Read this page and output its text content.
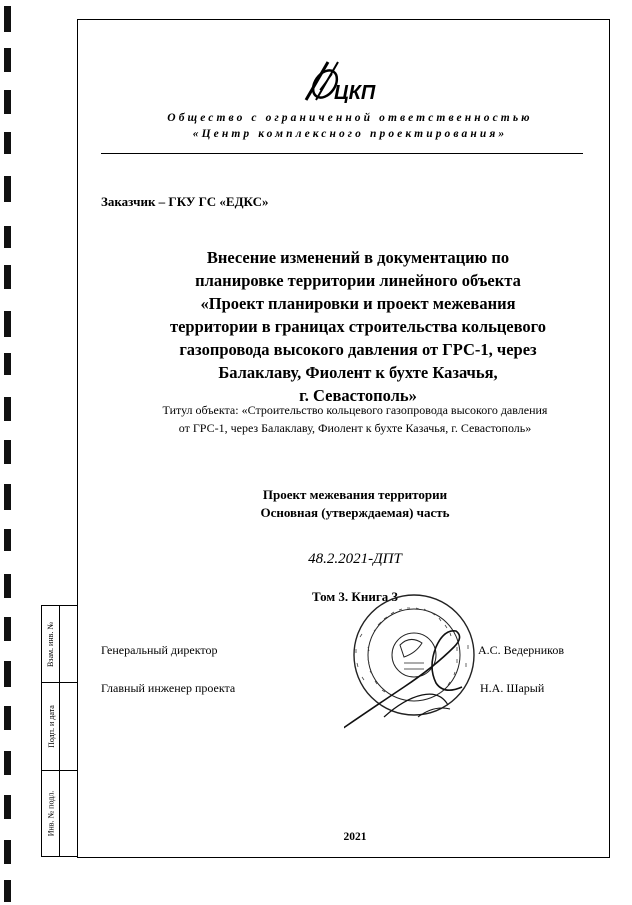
Взам. инв. №
Подп. и дата
Инв. № подл.
ЦКП
Общество с ограниченной ответственностью
«Центр комплексного проектирования»
Заказчик – ГКУ ГС «ЕДКС»
Внесение изменений в документацию по
планировке территории линейного объекта
«Проект планировки и проект межевания
территории в границах строительства кольцевого
газопровода высокого давления от ГРС-1, через
Балаклаву, Фиолент к бухте Казачья,
г. Севастополь»
Титул объекта: «Строительство кольцевого газопровода высокого давления
от ГРС-1, через Балаклаву, Фиолент к бухте Казачья, г. Севастополь»
Проект межевания территории
Основная (утверждаемая) часть
48.2.2021-ДПТ
Том 3. Книга 3
Генеральный директор	А.С. Ведерников
Главный инженер проекта	Н.А. Шарый
2021
